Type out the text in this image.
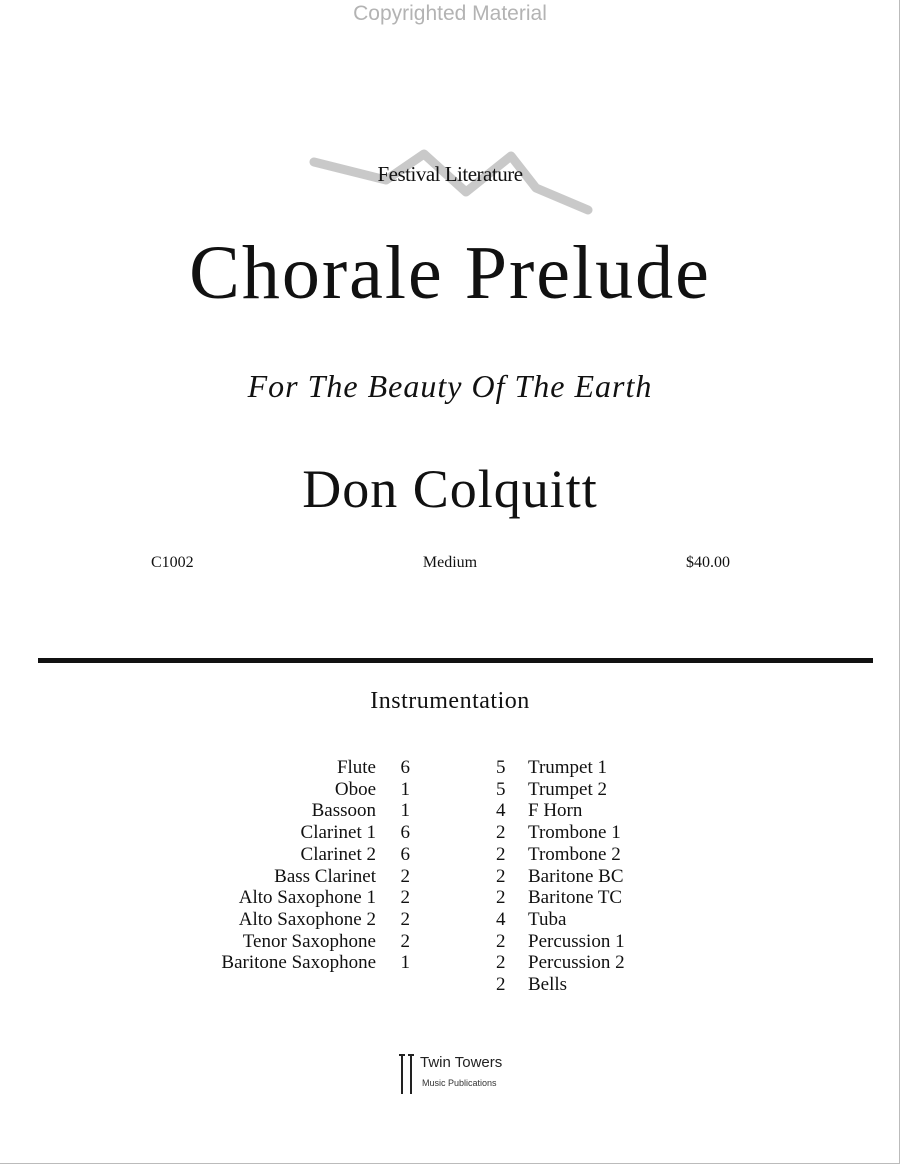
Copyrighted Material
Festival Literature
Chorale Prelude
For The Beauty Of The Earth
Don Colquitt
C1002	Medium	$40.00
Instrumentation
Flute	6
Oboe	1
Bassoon	1
Clarinet 1	6
Clarinet 2	6
Bass Clarinet	2
Alto Saxophone 1	2
Alto Saxophone 2	2
Tenor Saxophone	2
Baritone Saxophone	1
5	Trumpet 1
5	Trumpet 2
4	F Horn
2	Trombone 1
2	Trombone 2
2	Baritone BC
2	Baritone TC
4	Tuba
2	Percussion 1
2	Percussion 2
2	Bells
Twin Towers
Music Publications
